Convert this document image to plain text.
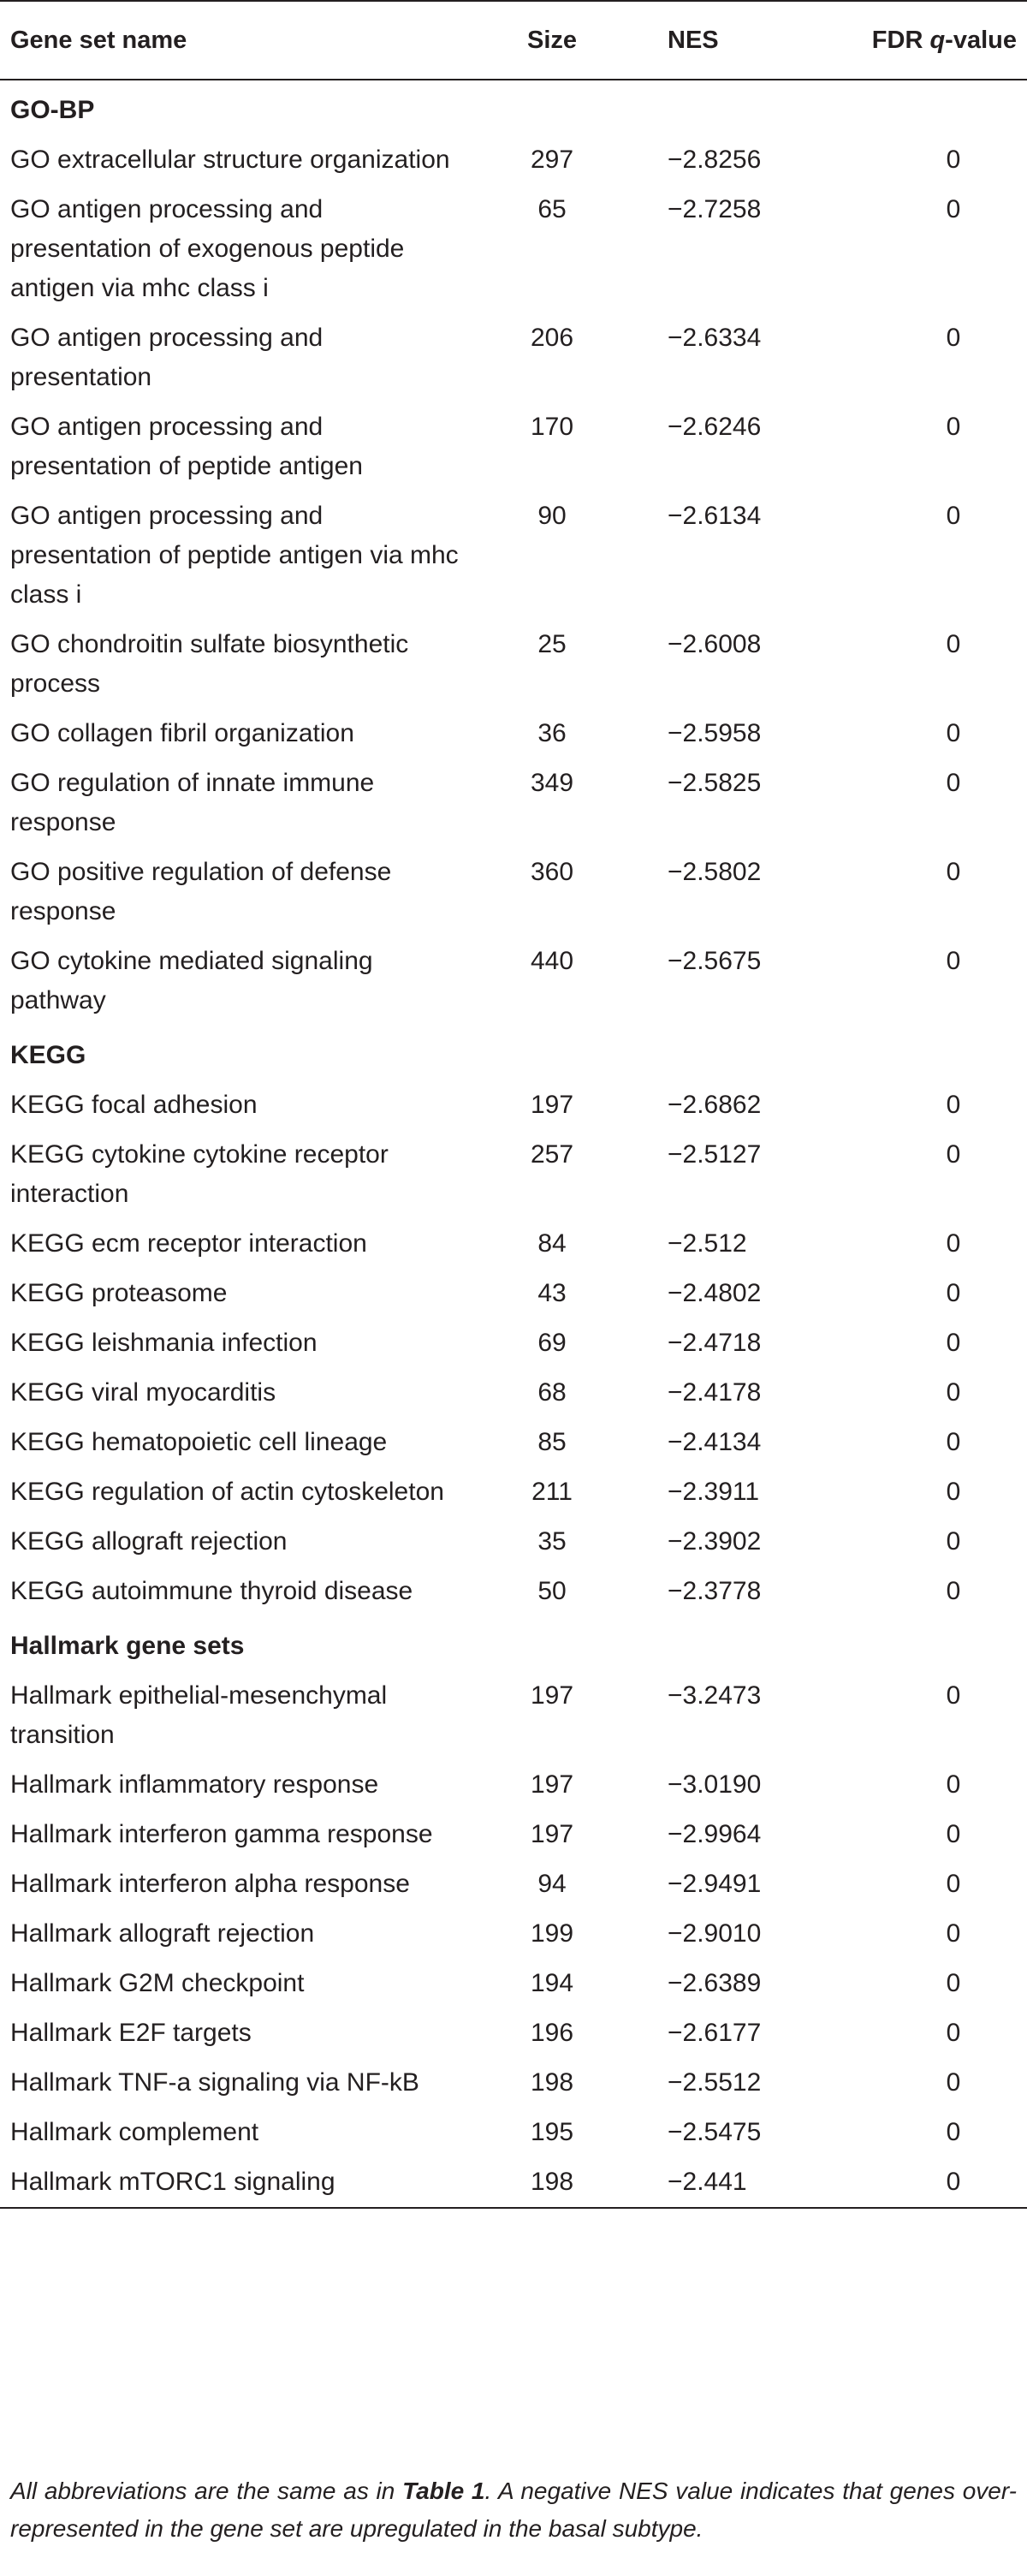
Gene set name	Size	NES	FDR q-value
GO-BP			
GO extracellular structure organization	297	−2.8256	0
GO antigen processing and presentation of exogenous peptide antigen via mhc class i	65	−2.7258	0
GO antigen processing and presentation	206	−2.6334	0
GO antigen processing and presentation of peptide antigen	170	−2.6246	0
GO antigen processing and presentation of peptide antigen via mhc class i	90	−2.6134	0
GO chondroitin sulfate biosynthetic process	25	−2.6008	0
GO collagen fibril organization	36	−2.5958	0
GO regulation of innate immune response	349	−2.5825	0
GO positive regulation of defense response	360	−2.5802	0
GO cytokine mediated signaling pathway	440	−2.5675	0
KEGG			
KEGG focal adhesion	197	−2.6862	0
KEGG cytokine cytokine receptor interaction	257	−2.5127	0
KEGG ecm receptor interaction	84	−2.512	0
KEGG proteasome	43	−2.4802	0
KEGG leishmania infection	69	−2.4718	0
KEGG viral myocarditis	68	−2.4178	0
KEGG hematopoietic cell lineage	85	−2.4134	0
KEGG regulation of actin cytoskeleton	211	−2.3911	0
KEGG allograft rejection	35	−2.3902	0
KEGG autoimmune thyroid disease	50	−2.3778	0
Hallmark gene sets			
Hallmark epithelial-mesenchymal transition	197	−3.2473	0
Hallmark inflammatory response	197	−3.0190	0
Hallmark interferon gamma response	197	−2.9964	0
Hallmark interferon alpha response	94	−2.9491	0
Hallmark allograft rejection	199	−2.9010	0
Hallmark G2M checkpoint	194	−2.6389	0
Hallmark E2F targets	196	−2.6177	0
Hallmark TNF-a signaling via NF-kB	198	−2.5512	0
Hallmark complement	195	−2.5475	0
Hallmark mTORC1 signaling	198	−2.441	0

All abbreviations are the same as in Table 1. A negative NES value indicates that genes over-represented in the gene set are upregulated in the basal subtype.
